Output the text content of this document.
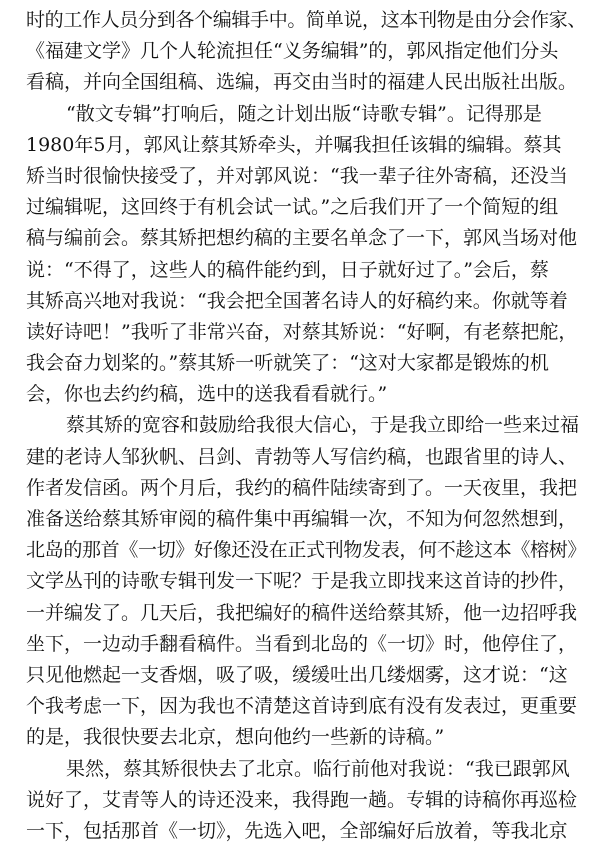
时的工作人员分到各个编辑手中。简单说，这本刊物是由分会作家、
《福建文学》几个人轮流担任“义务编辑”的，郭风指定他们分头
看稿，并向全国组稿、选编，再交由当时的福建人民出版社出版。
“散文专辑”打响后，随之计划出版“诗歌专辑”。记得那是
1980年5月，郭风让蔡其矫牵头，并嘱我担任该辑的编辑。蔡其
矫当时很愉快接受了，并对郭风说：“我一辈子往外寄稿，还没当
过编辑呢，这回终于有机会试一试。”之后我们开了一个简短的组
稿与编前会。蔡其矫把想约稿的主要名单念了一下，郭风当场对他
说：“不得了，这些人的稿件能约到，日子就好过了。”会后，蔡
其矫高兴地对我说：“我会把全国著名诗人的好稿约来。你就等着
读好诗吧！”我听了非常兴奋，对蔡其矫说：“好啊，有老蔡把舵，
我会奋力划桨的。”蔡其矫一听就笑了：“这对大家都是锻炼的机
会，你也去约约稿，选中的送我看看就行。”
蔡其矫的宽容和鼓励给我很大信心，于是我立即给一些来过福
建的老诗人邹狄帆、吕剑、青勃等人写信约稿，也跟省里的诗人、
作者发信函。两个月后，我约的稿件陆续寄到了。一天夜里，我把
准备送给蔡其矫审阅的稿件集中再编辑一次，不知为何忽然想到，
北岛的那首《一切》好像还没在正式刊物发表，何不趁这本《榕树》
文学丛刊的诗歌专辑刊发一下呢？于是我立即找来这首诗的抄件，
一并编发了。几天后，我把编好的稿件送给蔡其矫，他一边招呼我
坐下，一边动手翻看稿件。当看到北岛的《一切》时，他停住了，
只见他燃起一支香烟，吸了吸，缓缓吐出几缕烟雾，这才说：“这
个我考虑一下，因为我也不清楚这首诗到底有没有发表过，更重要
的是，我很快要去北京，想向他约一些新的诗稿。”
果然，蔡其矫很快去了北京。临行前他对我说：“我已跟郭风
说好了，艾青等人的诗还没来，我得跑一趟。专辑的诗稿你再巡检
一下，包括那首《一切》，先选入吧，全部编好后放着，等我北京
